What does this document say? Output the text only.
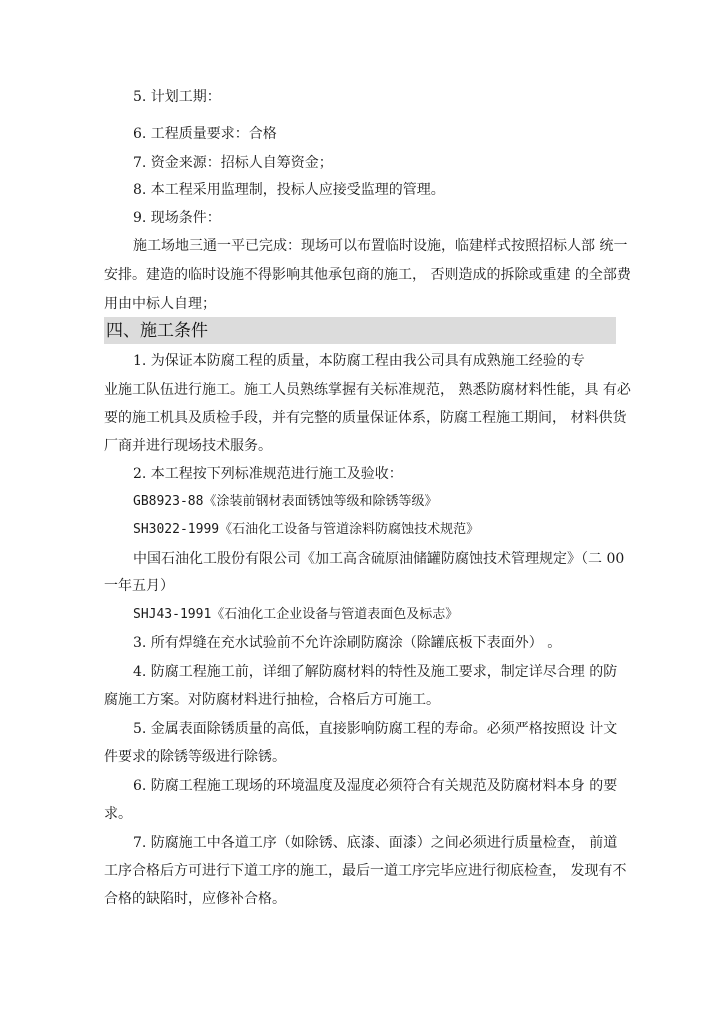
5. 计划工期：
6. 工程质量要求：合格
7. 资金来源：招标人自筹资金；
8. 本工程采用监理制，投标人应接受监理的管理。
9. 现场条件：
施工场地三通一平已完成：现场可以布置临时设施，临建样式按照招标人部 统一
安排。建造的临时设施不得影响其他承包商的施工， 否则造成的拆除或重建 的全部费
用由中标人自理；
四、施工条件
1. 为保证本防腐工程的质量，本防腐工程由我公司具有成熟施工经验的专
业施工队伍进行施工。施工人员熟练掌握有关标准规范， 熟悉防腐材料性能，具 有必
要的施工机具及质检手段，并有完整的质量保证体系，防腐工程施工期间， 材料供货
厂商并进行现场技术服务。
2. 本工程按下列标准规范进行施工及验收：
GB8923-88《涂装前钢材表面锈蚀等级和除锈等级》
SH3022-1999《石油化工设备与管道涂料防腐蚀技术规范》
中国石油化工股份有限公司《加工高含硫原油储罐防腐蚀技术管理规定》（二 00
一年五月）
SHJ43-1991《石油化工企业设备与管道表面色及标志》
3. 所有焊缝在充水试验前不允许涂刷防腐涂（除罐底板下表面外） 。
4. 防腐工程施工前，详细了解防腐材料的特性及施工要求，制定详尽合理 的防
腐施工方案。对防腐材料进行抽检，合格后方可施工。
5. 金属表面除锈质量的高低，直接影响防腐工程的寿命。必须严格按照设 计文
件要求的除锈等级进行除锈。
6. 防腐工程施工现场的环境温度及湿度必须符合有关规范及防腐材料本身 的要
求。
7. 防腐施工中各道工序（如除锈、底漆、面漆）之间必须进行质量检查， 前道
工序合格后方可进行下道工序的施工，最后一道工序完毕应进行彻底检查， 发现有不
合格的缺陷时，应修补合格。
